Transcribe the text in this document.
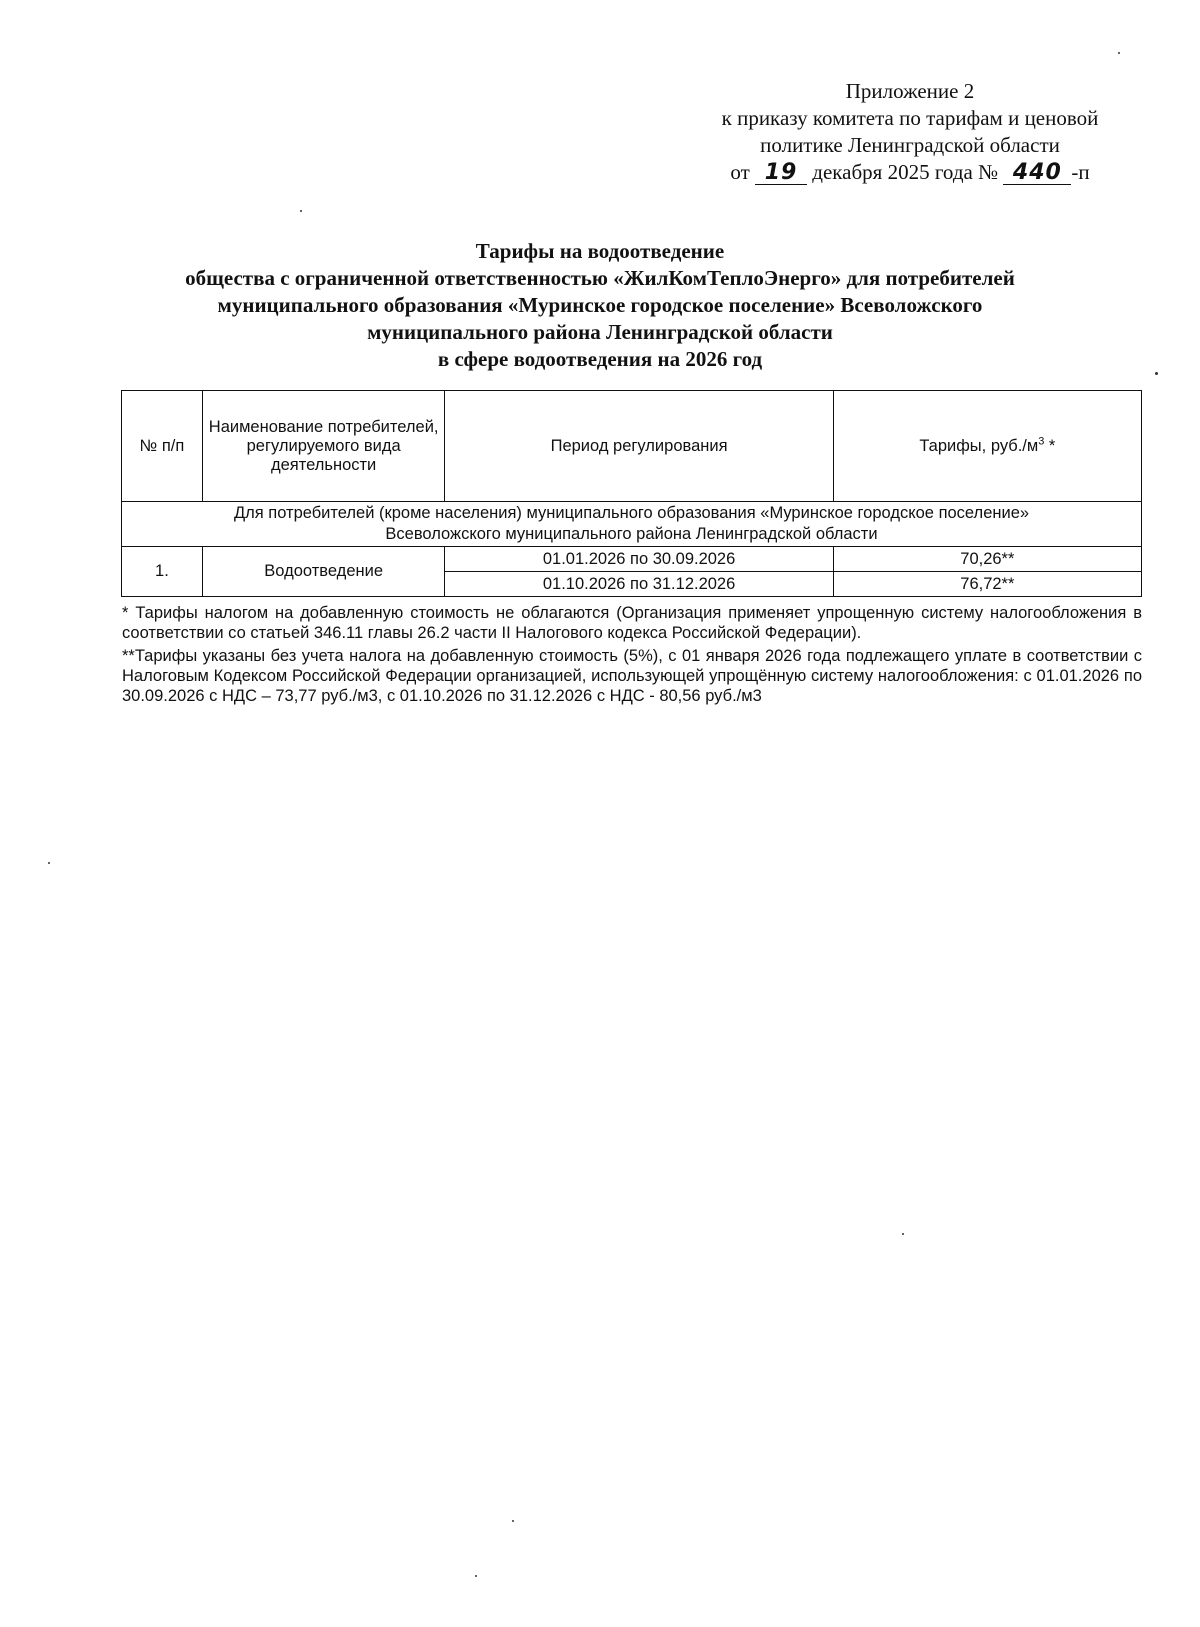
Приложение 2
к приказу комитета по тарифам и ценовой
политике Ленинградской области
от 19 декабря 2025 года № 440 -п
Тарифы на водоотведение
общества с ограниченной ответственностью «ЖилКомТеплоЭнерго» для потребителей
муниципального образования «Муринское городское поселение» Всеволожского
муниципального района Ленинградской области
в сфере водоотведения на 2026 год
№ п/п	Наименование потребителей, регулируемого вида деятельности	Период регулирования	Тарифы, $руб./м^3$ *
Для потребителей (кроме населения) муниципального образования «Муринское городское поселение»
Всеволожского муниципального района Ленинградской области			
1.	Водоотведение	01.01.2026 по 30.09.2026	70,26**
		01.10.2026 по 31.12.2026	76,72**

* Тарифы налогом на добавленную стоимость не облагаются (Организация применяет упрощенную систему налогообложения в соответствии со статьей 346.11 главы 26.2 части II Налогового кодекса Российской Федерации).

**Тарифы указаны без учета налога на добавленную стоимость (5%), с 01 января 2026 года подлежащего уплате в соответствии с Налоговым Кодексом Российской Федерации организацией, использующей упрощённую систему налогообложения: с 01.01.2026 по 30.09.2026 с НДС – 73,77 руб./м3, с 01.10.2026 по 31.12.2026 с НДС - 80,56 руб./м3
